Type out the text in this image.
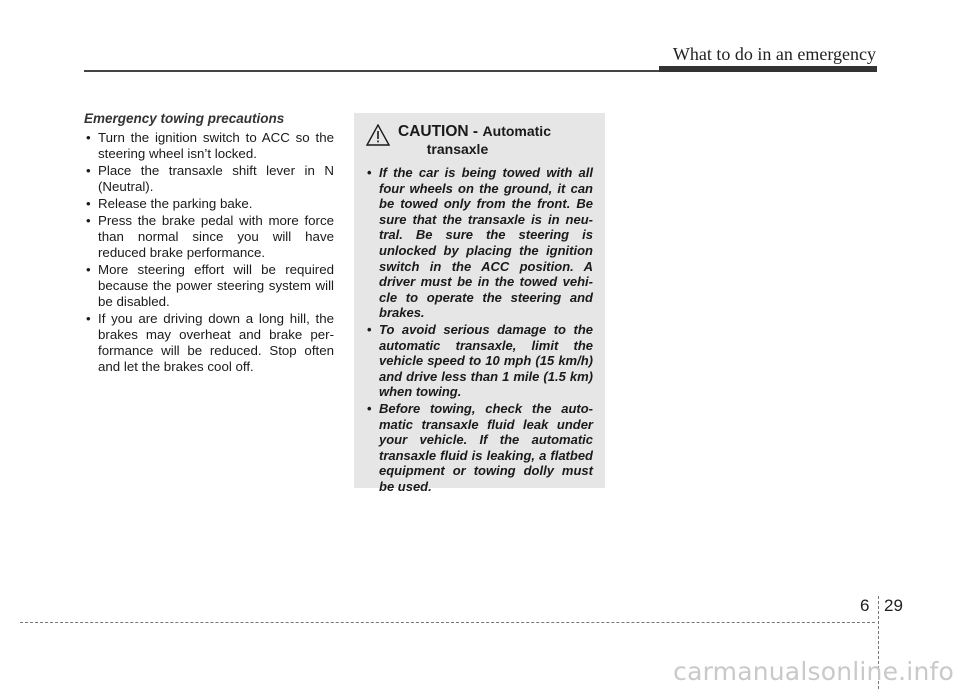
What to do in an emergency
Emergency towing precautions
• Turn the ignition switch to ACC so the steering wheel isn’t locked.
• Place the transaxle shift lever in N (Neutral).
• Release the parking bake.
• Press the brake pedal with more force than normal since you will have reduced brake performance.
• More steering effort will be required because the power steering system will be disabled.
• If you are driving down a long hill, the brakes may overheat and brake per- formance will be reduced. Stop often and let the brakes cool off.
CAUTION - Automatic
transaxle
• If the car is being towed with all four wheels on the ground, it can be towed only from the front. Be sure that the transaxle is in neu- tral. Be sure the steering is unlocked by placing the ignition switch in the ACC position. A driver must be in the towed vehi- cle to operate the steering and brakes.
• To avoid serious damage to the automatic transaxle, limit the vehicle speed to 10 mph (15 km/h) and drive less than 1 mile (1.5 km) when towing.
• Before towing, check the auto- matic transaxle fluid leak under your vehicle. If the automatic transaxle fluid is leaking, a flatbed equipment or towing dolly must be used.
6 29
carmanualsonline.info
